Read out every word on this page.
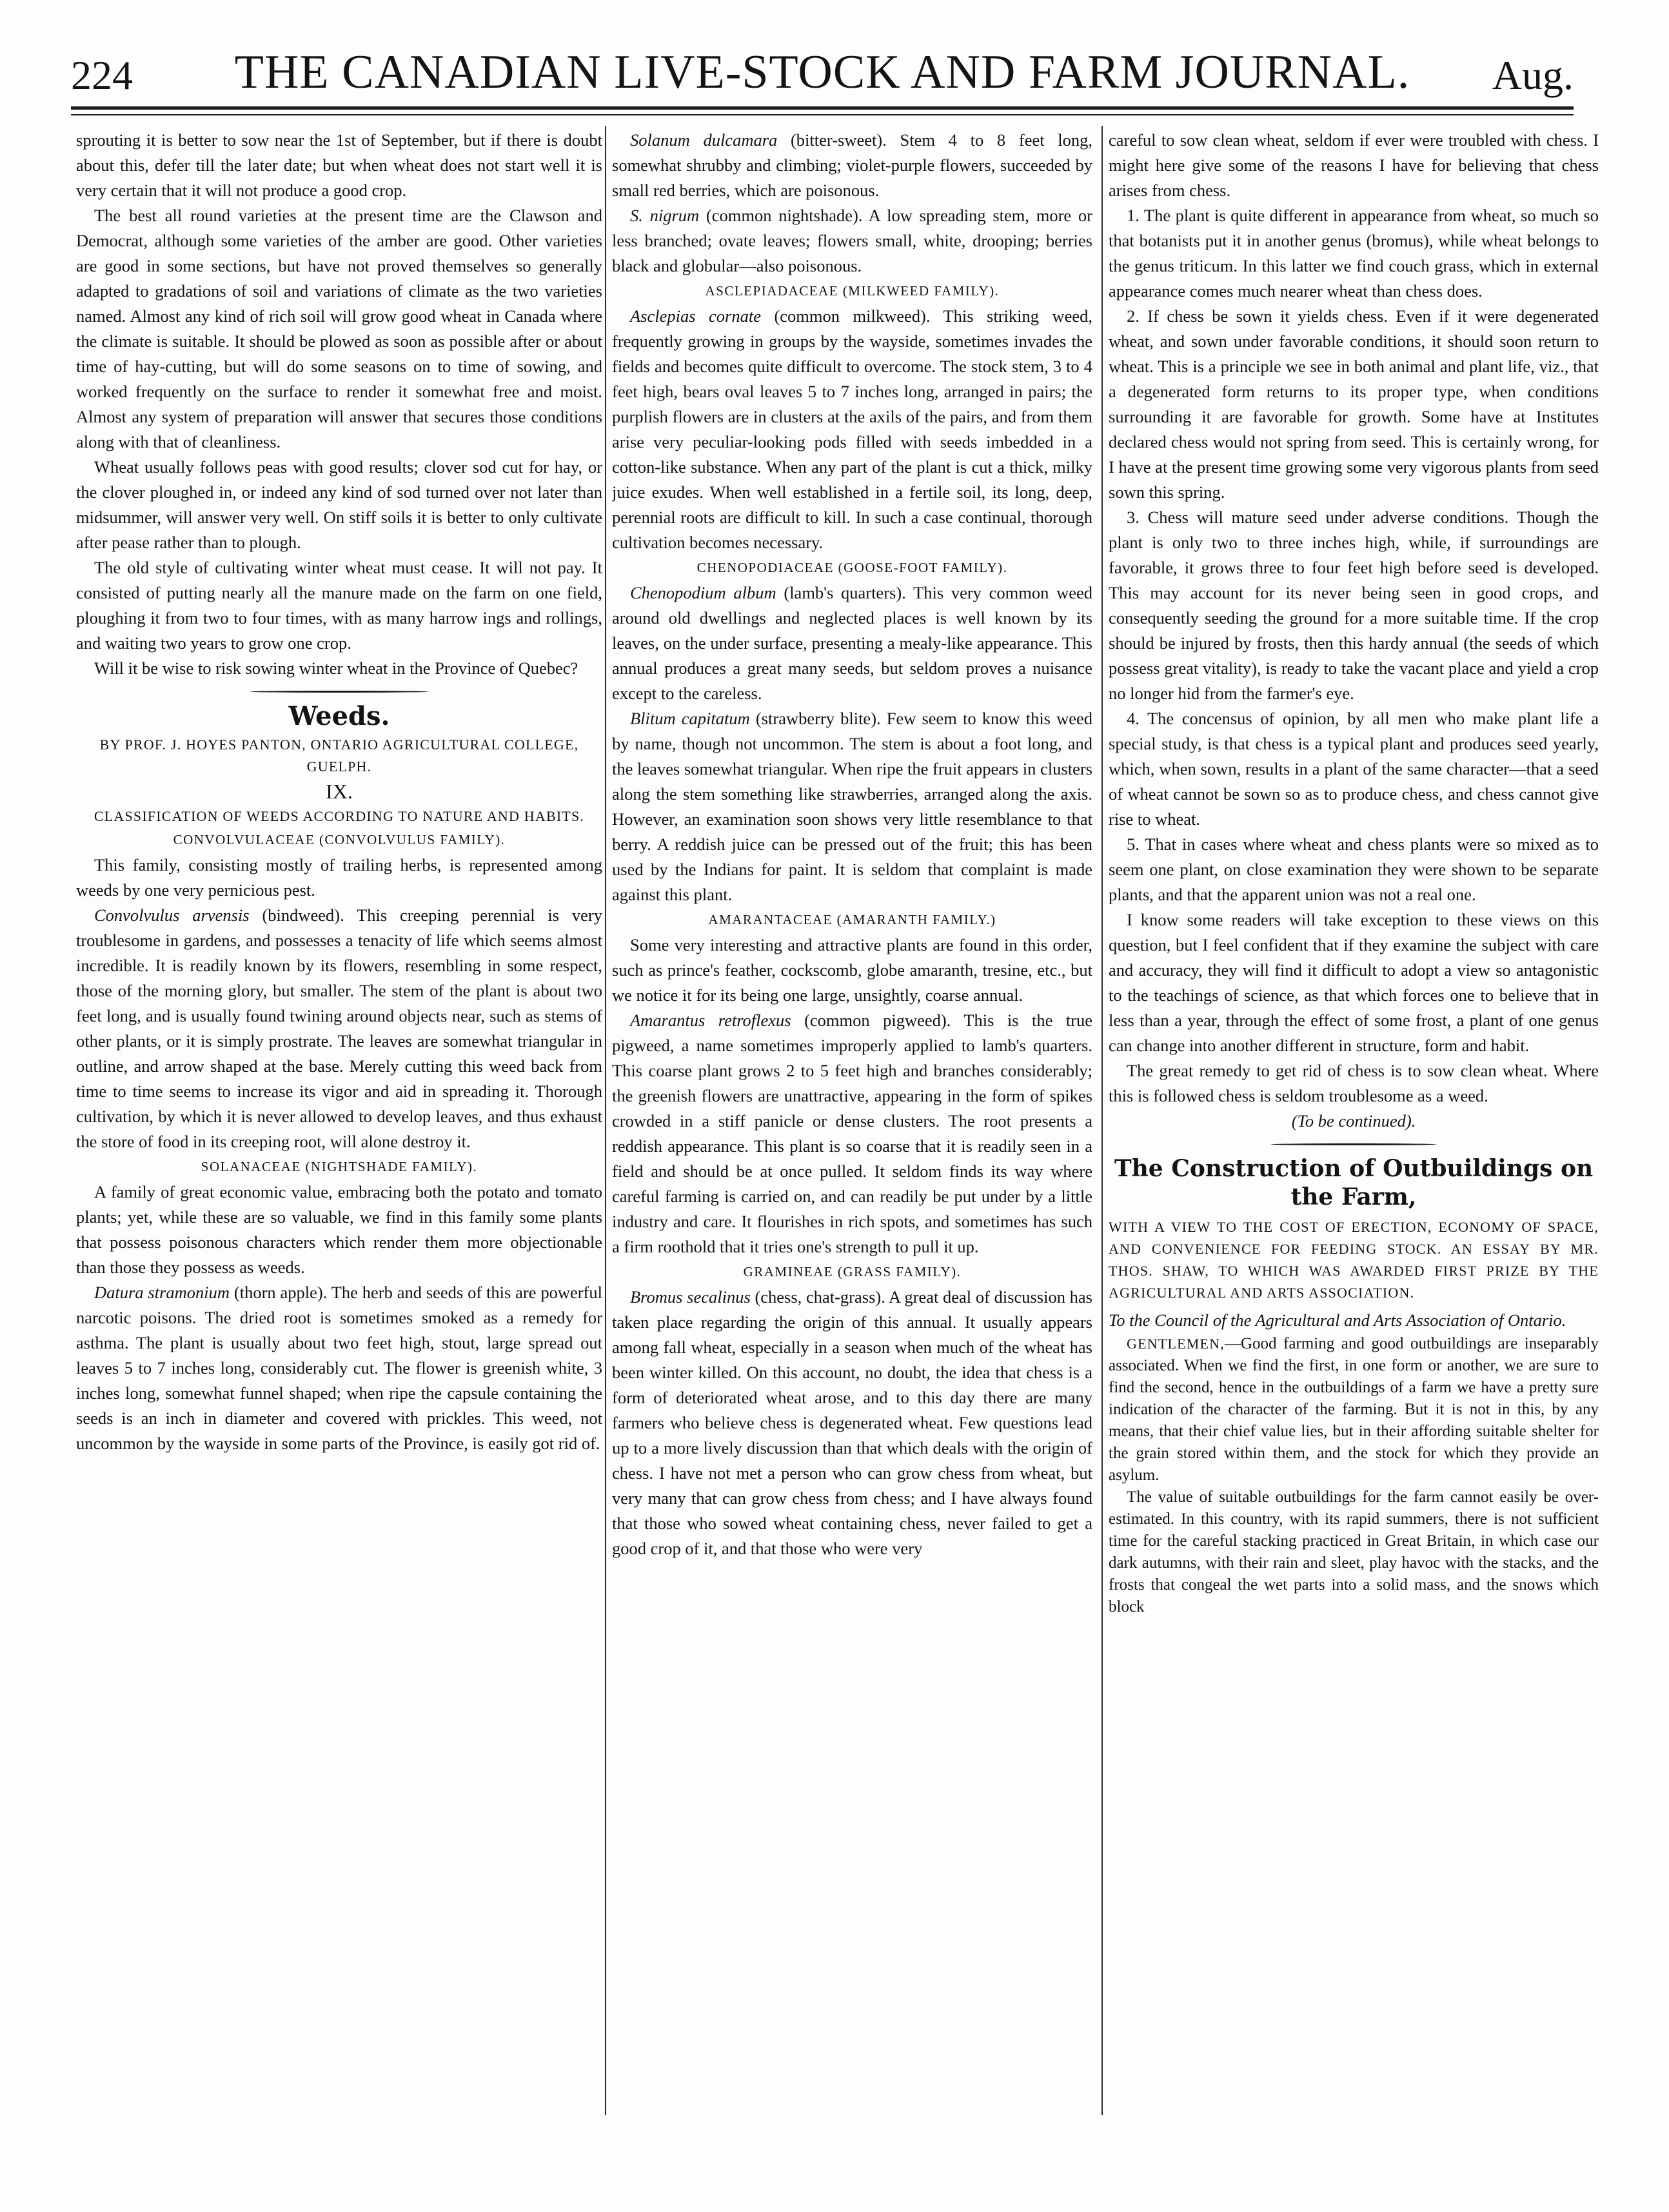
224	THE CANADIAN LIVE-STOCK AND FARM JOURNAL.	Aug.

sprouting it is better to sow near the 1st of September, but if there is doubt about this, defer till the later date; but when wheat does not start well it is very certain that it will not produce a good crop.

The best all round varieties at the present time are the Clawson and Democrat, although some varieties of the amber are good. Other varieties are good in some sections, but have not proved themselves so generally adapted to gradations of soil and variations of climate as the two varieties named. Almost any kind of rich soil will grow good wheat in Canada where the climate is suitable. It should be plowed as soon as possible after or about time of hay-cutting, but will do some seasons on to time of sowing, and worked frequently on the surface to render it somewhat free and moist. Almost any system of preparation will answer that secures those conditions along with that of cleanliness.

Wheat usually follows peas with good results; clover sod cut for hay, or the clover ploughed in, or indeed any kind of sod turned over not later than midsummer, will answer very well. On stiff soils it is better to only cultivate after pease rather than to plough.

The old style of cultivating winter wheat must cease. It will not pay. It consisted of putting nearly all the manure made on the farm on one field, ploughing it from two to four times, with as many harrow ings and rollings, and waiting two years to grow one crop.

Will it be wise to risk sowing winter wheat in the Province of Quebec?

Weeds.

BY PROF. J. HOYES PANTON, ONTARIO AGRICULTURAL COLLEGE, GUELPH.

IX.

CLASSIFICATION OF WEEDS ACCORDING TO NATURE AND HABITS.

CONVOLVULACEAE (CONVOLVULUS FAMILY).

This family, consisting mostly of trailing herbs, is represented among weeds by one very pernicious pest.

Convolvulus arvensis (bindweed). This creeping perennial is very troublesome in gardens, and possesses a tenacity of life which seems almost incredible. It is readily known by its flowers, resembling in some respect, those of the morning glory, but smaller. The stem of the plant is about two feet long, and is usually found twining around objects near, such as stems of other plants, or it is simply prostrate. The leaves are somewhat triangular in outline, and arrow shaped at the base. Merely cutting this weed back from time to time seems to increase its vigor and aid in spreading it. Thorough cultivation, by which it is never allowed to develop leaves, and thus exhaust the store of food in its creeping root, will alone destroy it.

SOLANACEAE (NIGHTSHADE FAMILY).

A family of great economic value, embracing both the potato and tomato plants; yet, while these are so valuable, we find in this family some plants that possess poisonous characters which render them more objectionable than those they possess as weeds.

Datura stramonium (thorn apple). The herb and seeds of this are powerful narcotic poisons. The dried root is sometimes smoked as a remedy for asthma. The plant is usually about two feet high, stout, large spread out leaves 5 to 7 inches long, considerably cut. The flower is greenish white, 3 inches long, somewhat funnel shaped; when ripe the capsule containing the seeds is an inch in diameter and covered with prickles. This weed, not uncommon by the wayside in some parts of the Province, is easily got rid of.

Solanum dulcamara (bitter-sweet). Stem 4 to 8 feet long, somewhat shrubby and climbing; violet-purple flowers, succeeded by small red berries, which are poisonous.

S. nigrum (common nightshade). A low spreading stem, more or less branched; ovate leaves; flowers small, white, drooping; berries black and globular—also poisonous.

ASCLEPIADACEAE (MILKWEED FAMILY).

Asclepias cornate (common milkweed). This striking weed, frequently growing in groups by the wayside, sometimes invades the fields and becomes quite difficult to overcome. The stock stem, 3 to 4 feet high, bears oval leaves 5 to 7 inches long, arranged in pairs; the purplish flowers are in clusters at the axils of the pairs, and from them arise very peculiar-looking pods filled with seeds imbedded in a cotton-like substance. When any part of the plant is cut a thick, milky juice exudes. When well established in a fertile soil, its long, deep, perennial roots are difficult to kill. In such a case continual, thorough cultivation becomes necessary.

CHENOPODIACEAE (GOOSE-FOOT FAMILY).

Chenopodium album (lamb's quarters). This very common weed around old dwellings and neglected places is well known by its leaves, on the under surface, presenting a mealy-like appearance. This annual produces a great many seeds, but seldom proves a nuisance except to the careless.

Blitum capitatum (strawberry blite). Few seem to know this weed by name, though not uncommon. The stem is about a foot long, and the leaves somewhat triangular. When ripe the fruit appears in clusters along the stem something like strawberries, arranged along the axis. However, an examination soon shows very little resemblance to that berry. A reddish juice can be pressed out of the fruit; this has been used by the Indians for paint. It is seldom that complaint is made against this plant.

AMARANTACEAE (AMARANTH FAMILY.)

Some very interesting and attractive plants are found in this order, such as prince's feather, cockscomb, globe amaranth, tresine, etc., but we notice it for its being one large, unsightly, coarse annual.

Amarantus retroflexus (common pigweed). This is the true pigweed, a name sometimes improperly applied to lamb's quarters. This coarse plant grows 2 to 5 feet high and branches considerably; the greenish flowers are unattractive, appearing in the form of spikes crowded in a stiff panicle or dense clusters. The root presents a reddish appearance. This plant is so coarse that it is readily seen in a field and should be at once pulled. It seldom finds its way where careful farming is carried on, and can readily be put under by a little industry and care. It flourishes in rich spots, and sometimes has such a firm roothold that it tries one's strength to pull it up.

GRAMINEAE (GRASS FAMILY).

Bromus secalinus (chess, chat-grass). A great deal of discussion has taken place regarding the origin of this annual. It usually appears among fall wheat, especially in a season when much of the wheat has been winter killed. On this account, no doubt, the idea that chess is a form of deteriorated wheat arose, and to this day there are many farmers who believe chess is degenerated wheat. Few questions lead up to a more lively discussion than that which deals with the origin of chess. I have not met a person who can grow chess from wheat, but very many that can grow chess from chess; and I have always found that those who sowed wheat containing chess, never failed to get a good crop of it, and that those who were very

careful to sow clean wheat, seldom if ever were troubled with chess. I might here give some of the reasons I have for believing that chess arises from chess.

1. The plant is quite different in appearance from wheat, so much so that botanists put it in another genus (bromus), while wheat belongs to the genus triticum. In this latter we find couch grass, which in external appearance comes much nearer wheat than chess does.

2. If chess be sown it yields chess. Even if it were degenerated wheat, and sown under favorable conditions, it should soon return to wheat. This is a principle we see in both animal and plant life, viz., that a degenerated form returns to its proper type, when conditions surrounding it are favorable for growth. Some have at Institutes declared chess would not spring from seed. This is certainly wrong, for I have at the present time growing some very vigorous plants from seed sown this spring.

3. Chess will mature seed under adverse conditions. Though the plant is only two to three inches high, while, if surroundings are favorable, it grows three to four feet high before seed is developed. This may account for its never being seen in good crops, and consequently seeding the ground for a more suitable time. If the crop should be injured by frosts, then this hardy annual (the seeds of which possess great vitality), is ready to take the vacant place and yield a crop no longer hid from the farmer's eye.

4. The concensus of opinion, by all men who make plant life a special study, is that chess is a typical plant and produces seed yearly, which, when sown, results in a plant of the same character—that a seed of wheat cannot be sown so as to produce chess, and chess cannot give rise to wheat.

5. That in cases where wheat and chess plants were so mixed as to seem one plant, on close examination they were shown to be separate plants, and that the apparent union was not a real one.

I know some readers will take exception to these views on this question, but I feel confident that if they examine the subject with care and accuracy, they will find it difficult to adopt a view so antagonistic to the teachings of science, as that which forces one to believe that in less than a year, through the effect of some frost, a plant of one genus can change into another different in structure, form and habit.

The great remedy to get rid of chess is to sow clean wheat. Where this is followed chess is seldom troublesome as a weed.

(To be continued).

The Construction of Outbuildings on the Farm,

WITH A VIEW TO THE COST OF ERECTION, ECONOMY OF SPACE, AND CONVENIENCE FOR FEEDING STOCK. AN ESSAY BY MR. THOS. SHAW, TO WHICH WAS AWARDED FIRST PRIZE BY THE AGRICULTURAL AND ARTS ASSOCIATION.

To the Council of the Agricultural and Arts Association of Ontario.

GENTLEMEN,—Good farming and good outbuildings are inseparably associated. When we find the first, in one form or another, we are sure to find the second, hence in the outbuildings of a farm we have a pretty sure indication of the character of the farming. But it is not in this, by any means, that their chief value lies, but in their affording suitable shelter for the grain stored within them, and the stock for which they provide an asylum.

The value of suitable outbuildings for the farm cannot easily be over-estimated. In this country, with its rapid summers, there is not sufficient time for the careful stacking practiced in Great Britain, in which case our dark autumns, with their rain and sleet, play havoc with the stacks, and the frosts that congeal the wet parts into a solid mass, and the snows which block
